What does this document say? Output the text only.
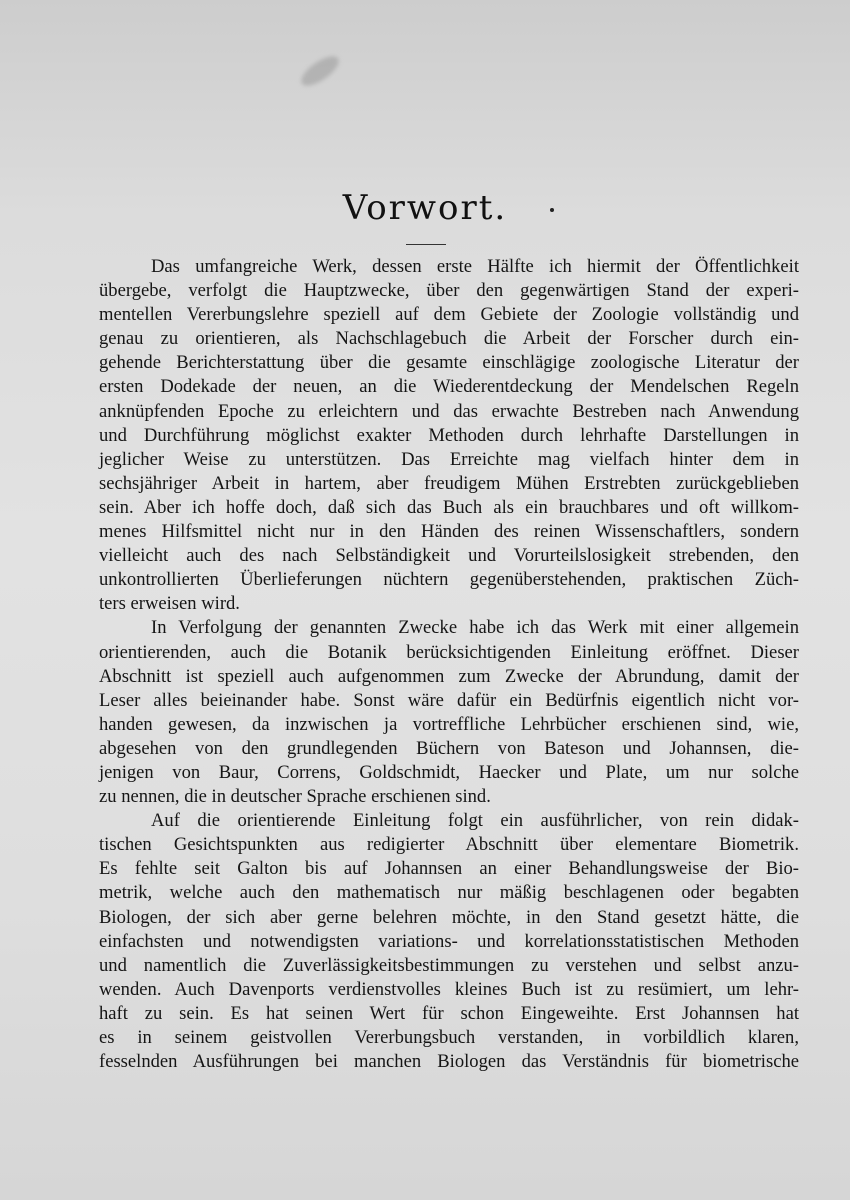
Vorwort.
Das umfangreiche Werk, dessen erste Hälfte ich hiermit der Öffentlichkeit
übergebe, verfolgt die Hauptzwecke, über den gegenwärtigen Stand der experi-
mentellen Vererbungslehre speziell auf dem Gebiete der Zoologie vollständig und
genau zu orientieren, als Nachschlagebuch die Arbeit der Forscher durch ein-
gehende Berichterstattung über die gesamte einschlägige zoologische Literatur der
ersten Dodekade der neuen, an die Wiederentdeckung der Mendelschen Regeln
anknüpfenden Epoche zu erleichtern und das erwachte Bestreben nach Anwendung
und Durchführung möglichst exakter Methoden durch lehrhafte Darstellungen in
jeglicher Weise zu unterstützen. Das Erreichte mag vielfach hinter dem in
sechsjähriger Arbeit in hartem, aber freudigem Mühen Erstrebten zurückgeblieben
sein. Aber ich hoffe doch, daß sich das Buch als ein brauchbares und oft willkom-
menes Hilfsmittel nicht nur in den Händen des reinen Wissenschaftlers, sondern
vielleicht auch des nach Selbständigkeit und Vorurteilslosigkeit strebenden, den
unkontrollierten Überlieferungen nüchtern gegenüberstehenden, praktischen Züch-
ters erweisen wird.
In Verfolgung der genannten Zwecke habe ich das Werk mit einer allgemein
orientierenden, auch die Botanik berücksichtigenden Einleitung eröffnet. Dieser
Abschnitt ist speziell auch aufgenommen zum Zwecke der Abrundung, damit der
Leser alles beieinander habe. Sonst wäre dafür ein Bedürfnis eigentlich nicht vor-
handen gewesen, da inzwischen ja vortreffliche Lehrbücher erschienen sind, wie,
abgesehen von den grundlegenden Büchern von Bateson und Johannsen, die-
jenigen von Baur, Correns, Goldschmidt, Haecker und Plate, um nur solche
zu nennen, die in deutscher Sprache erschienen sind.
Auf die orientierende Einleitung folgt ein ausführlicher, von rein didak-
tischen Gesichtspunkten aus redigierter Abschnitt über elementare Biometrik.
Es fehlte seit Galton bis auf Johannsen an einer Behandlungsweise der Bio-
metrik, welche auch den mathematisch nur mäßig beschlagenen oder begabten
Biologen, der sich aber gerne belehren möchte, in den Stand gesetzt hätte, die
einfachsten und notwendigsten variations- und korrelationsstatistischen Methoden
und namentlich die Zuverlässigkeitsbestimmungen zu verstehen und selbst anzu-
wenden. Auch Davenports verdienstvolles kleines Buch ist zu resümiert, um lehr-
haft zu sein. Es hat seinen Wert für schon Eingeweihte. Erst Johannsen hat
es in seinem geistvollen Vererbungsbuch verstanden, in vorbildlich klaren,
fesselnden Ausführungen bei manchen Biologen das Verständnis für biometrische
